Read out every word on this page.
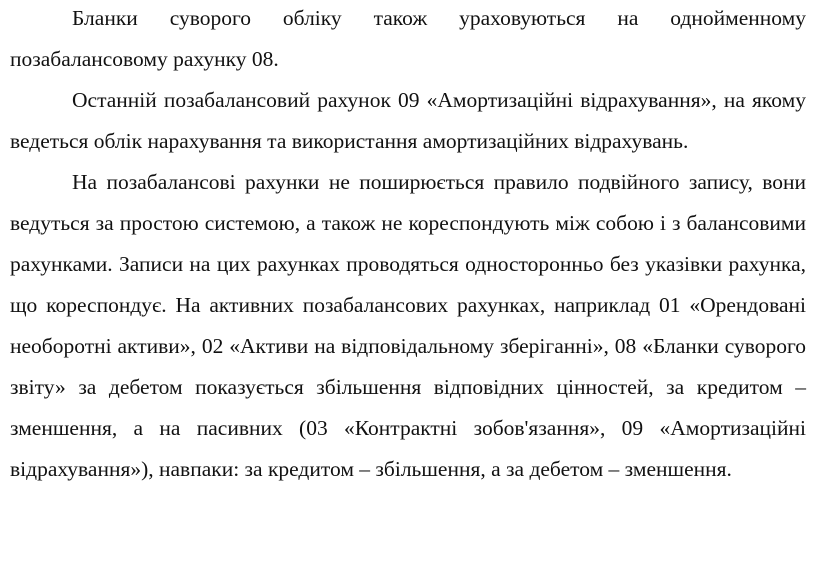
Бланки суворого обліку також ураховуються на однойменному позабалансовому рахунку 08.

Останній позабалансовий рахунок 09 «Амортизаційні відрахування», на якому ведеться облік нарахування та використання амортизаційних відрахувань.

На позабалансові рахунки не поширюється правило подвійного запису, вони ведуться за простою системою, а також не кореспондують між собою і з балансовими рахунками. Записи на цих рахунках проводяться односторонньо без указівки рахунка, що кореспондує. На активних позабалансових рахунках, наприклад 01 «Орендовані необоротні активи», 02 «Активи на відповідальному зберіганні», 08 «Бланки суворого звіту» за дебетом показується збільшення відповідних цінностей, за кредитом – зменшення, а на пасивних (03 «Контрактні зобов'язання», 09 «Амортизаційні відрахування»), навпаки: за кредитом – збільшення, а за дебетом – зменшення.
